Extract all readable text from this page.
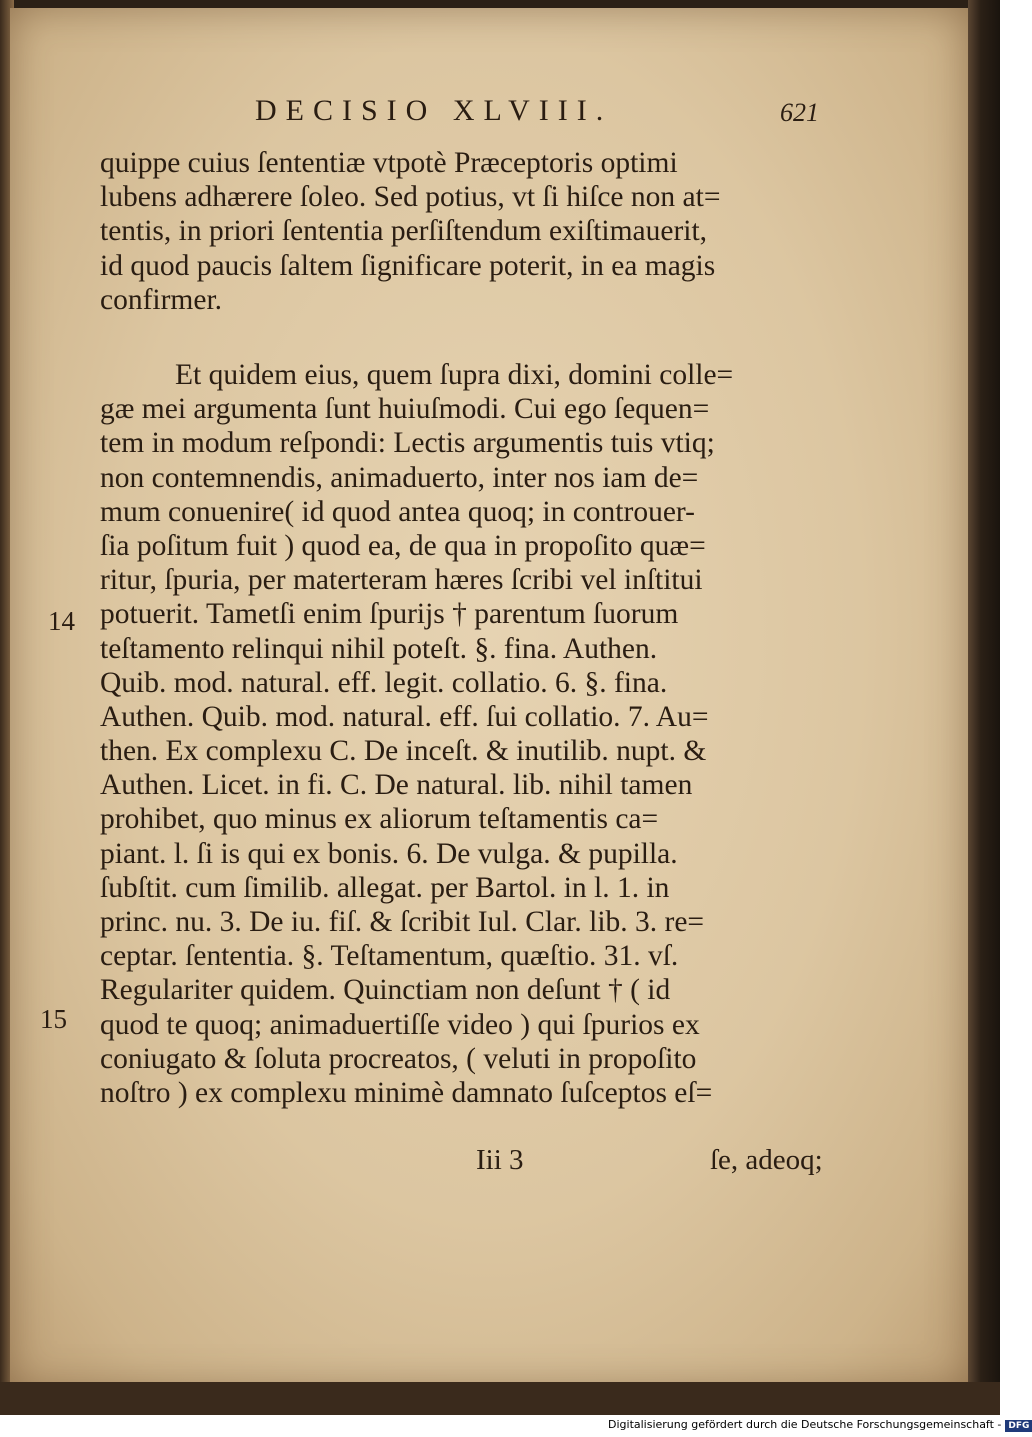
DECISIO XLVIII.	621
quippe cuius ſententiæ vtpotè Præceptoris optimi
lubens adhærere ſoleo. Sed potius, vt ſi hiſce non at=
tentis, in priori ſententia perſiſtendum exiſtimauerit,
id quod paucis ſaltem ſignificare poterit, in ea magis
confirmer.
Et quidem eius, quem ſupra dixi, domini colle=
gæ mei argumenta ſunt huiuſmodi. Cui ego ſequen=
tem in modum reſpondi: Lectis argumentis tuis vtiq;
non contemnendis, animaduerto, inter nos iam de=
mum conuenire( id quod antea quoq; in controuer-
ſia poſitum fuit ) quod ea, de qua in propoſito quæ=
ritur, ſpuria, per materteram hæres ſcribi vel inſtitui
potuerit. Tametſi enim ſpurijs † parentum ſuorum
teſtamento relinqui nihil poteſt. §. fina. Authen.
Quib. mod. natural. eff. legit. collatio. 6. §. fina.
Authen. Quib. mod. natural. eff. ſui collatio. 7. Au=
then. Ex complexu C. De inceſt. & inutilib. nupt. &
Authen. Licet. in fi. C. De natural. lib. nihil tamen
prohibet, quo minus ex aliorum teſtamentis ca=
piant. l. ſi is qui ex bonis. 6. De vulga. & pupilla.
ſubſtit. cum ſimilib. allegat. per Bartol. in l. 1. in
princ. nu. 3. De iu. fiſ. & ſcribit Iul. Clar. lib. 3. re=
ceptar. ſententia. §. Teſtamentum, quæſtio. 31. vſ.
Regulariter quidem. Quinctiam non deſunt † ( id
quod te quoq; animaduertiſſe video ) qui ſpurios ex
coniugato & ſoluta procreatos, ( veluti in propoſito
noſtro ) ex complexu minimè damnato ſuſceptos eſ=
14
15
Iii 3	ſe, adeoq;
Digitalisierung gefördert durch die Deutsche Forschungsgemeinschaft - DFG
